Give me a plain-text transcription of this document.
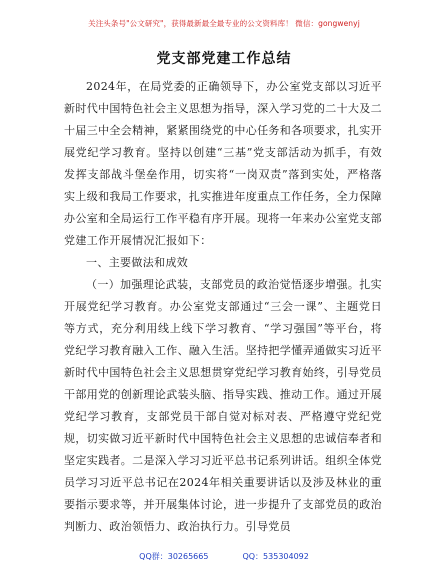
关注头条号"公文研究"，获得最新最全最专业的公文资料库！ 微信：gongwenyj
党支部党建工作总结

2024年，在局党委的正确领导下，办公室党支部以习近平新时代中国特色社会主义思想为指导，深入学习党的二十大及二十届三中全会精神，紧紧围绕党的中心任务和各项要求，扎实开展党纪学习教育。坚持以创建“三基”党支部活动为抓手，有效发挥支部战斗堡垒作用，切实将“一岗双责”落到实处，严格落实上级和我局工作要求，扎实推进年度重点工作任务，全力保障办公室和全局运行工作平稳有序开展。现将一年来办公室党支部党建工作开展情况汇报如下：

一、主要做法和成效

（一）加强理论武装，支部党员的政治觉悟逐步增强。扎实开展党纪学习教育。办公室党支部通过“三会一课”、主题党日等方式，充分利用线上线下学习教育、“学习强国”等平台，将党纪学习教育融入工作、融入生活。坚持把学懂弄通做实习近平新时代中国特色社会主义思想贯穿党纪学习教育始终，引导党员干部用党的创新理论武装头脑、指导实践、推动工作。通过开展党纪学习教育，支部党员干部自觉对标对表、严格遵守党纪党规，切实做习近平新时代中国特色社会主义思想的忠诚信奉者和坚定实践者。二是深入学习习近平总书记系列讲话。组织全体党员学习习近平总书记在2024年相关重要讲话以及涉及林业的重要指示要求等，并开展集体讨论，进一步提升了支部党员的政治判断力、政治领悟力、政治执行力。引导党员

QQ群：30265665	QQ：535304092
